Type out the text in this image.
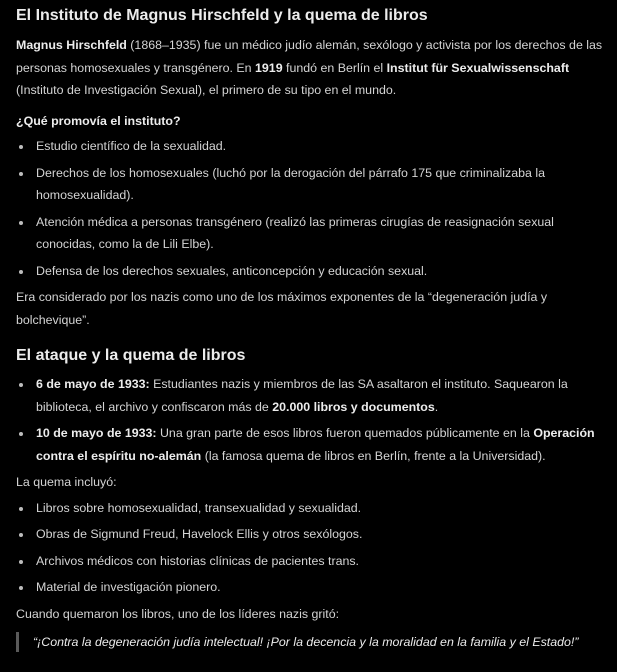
El Instituto de Magnus Hirschfeld y la quema de libros

Magnus Hirschfeld (1868–1935) fue un médico judío alemán, sexólogo y activista por los derechos de las personas homosexuales y transgénero. En 1919 fundó en Berlín el Institut für Sexualwissenschaft (Instituto de Investigación Sexual), el primero de su tipo en el mundo.

¿Qué promovía el instituto?

Estudio científico de la sexualidad.
Derechos de los homosexuales (luchó por la derogación del párrafo 175 que criminalizaba la homosexualidad).
Atención médica a personas transgénero (realizó las primeras cirugías de reasignación sexual conocidas, como la de Lili Elbe).
Defensa de los derechos sexuales, anticoncepción y educación sexual.

Era considerado por los nazis como uno de los máximos exponentes de la “degeneración judía y bolchevique”.

El ataque y la quema de libros
6 de mayo de 1933: Estudiantes nazis y miembros de las SA asaltaron el instituto. Saquearon la biblioteca, el archivo y confiscaron más de 20.000 libros y documentos.
10 de mayo de 1933: Una gran parte de esos libros fueron quemados públicamente en la Operación contra el espíritu no-alemán (la famosa quema de libros en Berlín, frente a la Universidad).

La quema incluyó:

Libros sobre homosexualidad, transexualidad y sexualidad.
Obras de Sigmund Freud, Havelock Ellis y otros sexólogos.
Archivos médicos con historias clínicas de pacientes trans.
Material de investigación pionero.

Cuando quemaron los libros, uno de los líderes nazis gritó:

“¡Contra la degeneración judía intelectual! ¡Por la decencia y la moralidad en la familia y el Estado!”
